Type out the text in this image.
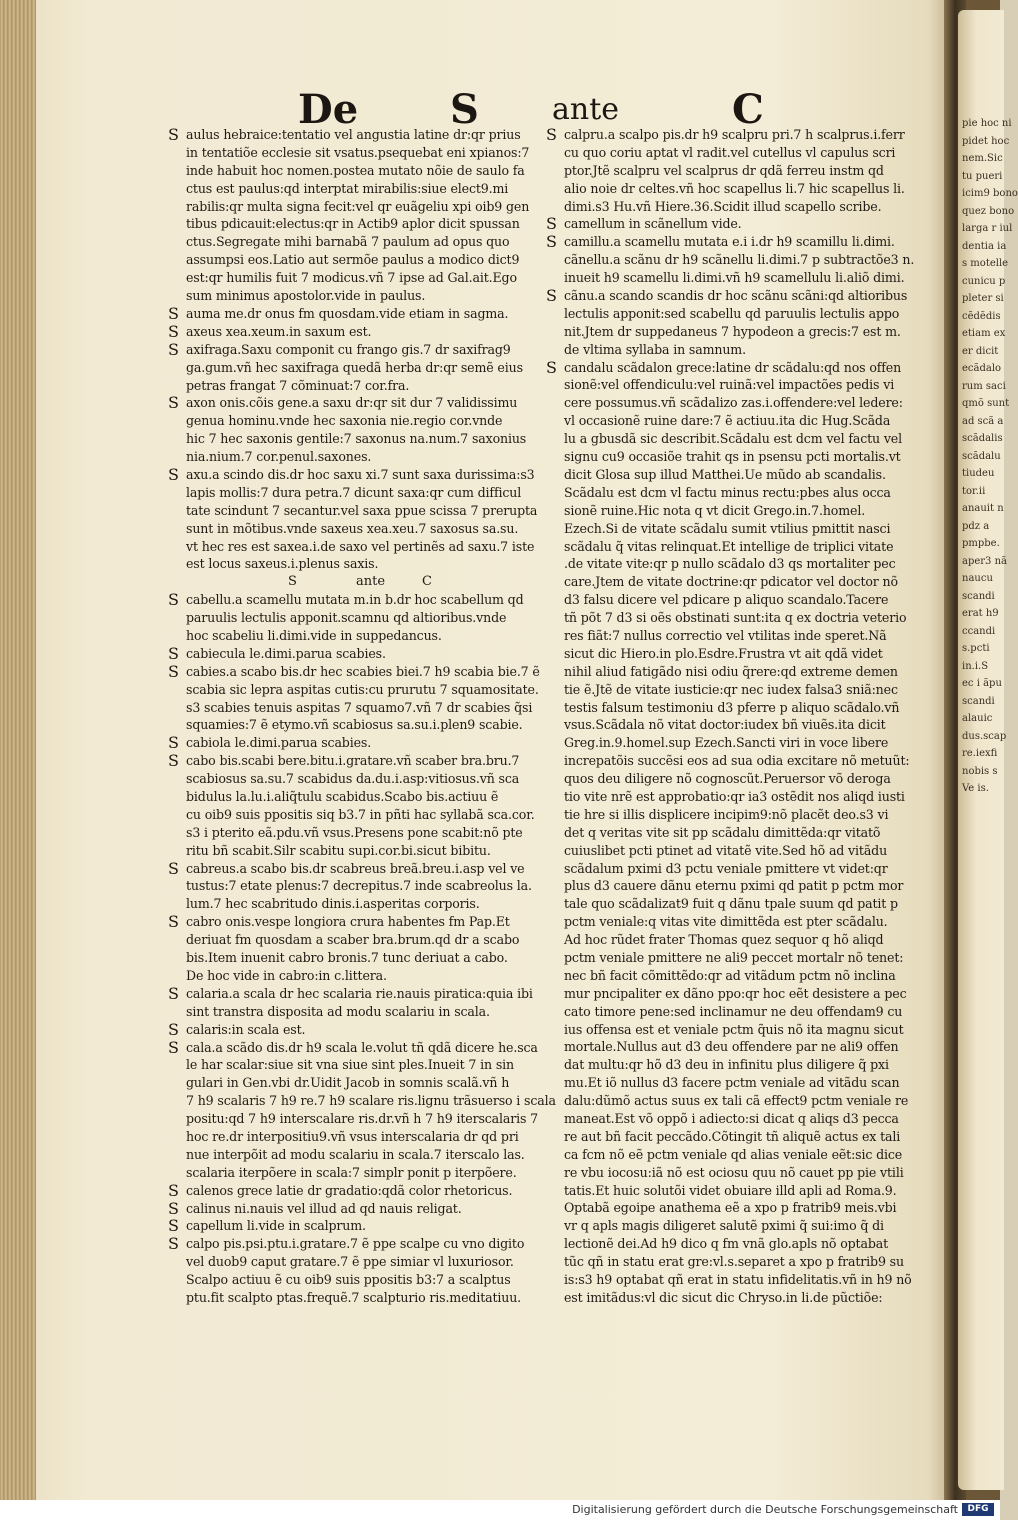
pie hoc ni
pidet hoc
nem.Sic
tu pueri
icim9 bono
quez bono
larga r iul
dentia ia
s motelle
cunicu p
pleter si
cẽdẽdis
etiam ex
er dicit
ecãdalo
rum saci
qmõ sunt
ad scã a
scãdalis
scãdalu
tiudeu
tor.ii
anauit n
pdz a
pmpbe.
aper3 nã
naucu
scandi
erat h9
ccandi
s.pcti
in.i.S
ec i ãpu
scandi
alauic
dus.scap
re.iexfi
nobis s
Ve is.
De S ante	C
S aulus hebraice:tentatio vel angustia latine dr:qr prius
in tentatiõe ecclesie sit vsatus.psequebat eni xpianos:7
inde habuit hoc nomen.postea mutato nõie de saulo fa
ctus est paulus:qd interptat mirabilis:siue elect9.mi
rabilis:qr multa signa fecit:vel qr euãgeliu xpi oib9 gen
tibus pdicauit:electus:qr in Actib9 aplor dicit spussan
ctus.Segregate mihi barnabã 7 paulum ad opus quo
assumpsi eos.Latio aut sermõe paulus a modico dict9
est:qr humilis fuit 7 modicus.vñ 7 ipse ad Gal.ait.Ego
sum minimus apostolor.vide in paulus.
S auma me.dr onus fm quosdam.vide etiam in sagma.
S axeus xea.xeum.in saxum est.
S axifraga.Saxu componit cu frango gis.7 dr saxifrag9
ga.gum.vñ hec saxifraga quedã herba dr:qr semẽ eius
petras frangat 7 cõminuat:7 cor.fra.
S axon onis.cõis gene.a saxu dr:qr sit dur 7 validissimu
genua hominu.vnde hec saxonia nie.regio cor.vnde
hic 7 hec saxonis gentile:7 saxonus na.num.7 saxonius
nia.nium.7 cor.penul.saxones.
S axu.a scindo dis.dr hoc saxu xi.7 sunt saxa durissima:s3
lapis mollis:7 dura petra.7 dicunt saxa:qr cum difficul
tate scindunt 7 secantur.vel saxa ppue scissa 7 prerupta
sunt in mõtibus.vnde saxeus xea.xeu.7 saxosus sa.su.
vt hec res est saxea.i.de saxo vel pertinẽs ad saxu.7 iste
est locus saxeus.i.plenus saxis.
S	ante	C
S cabellu.a scamellu mutata m.in b.dr hoc scabellum qd
paruulis lectulis apponit.scamnu qd altioribus.vnde
hoc scabeliu li.dimi.vide in suppedancus.
S cabiecula le.dimi.parua scabies.
S cabies.a scabo bis.dr hec scabies biei.7 h9 scabia bie.7 ẽ
scabia sic lepra aspitas cutis:cu prurutu 7 squamositate.
s3 scabies tenuis aspitas 7 squamo7.vñ 7 dr scabies q̃si
squamies:7 ẽ etymo.vñ scabiosus sa.su.i.plen9 scabie.
S cabiola le.dimi.parua scabies.
S cabo bis.scabi bere.bitu.i.gratare.vñ scaber bra.bru.7
scabiosus sa.su.7 scabidus da.du.i.asp:vitiosus.vñ sca
bidulus la.lu.i.aliq̃tulu scabidus.Scabo bis.actiuu ẽ
cu oib9 suis ppositis siq b3.7 in pñti hac syllabã sca.cor.
s3 i pterito eã.pdu.vñ vsus.Presens pone scabit:nõ pte
ritu bñ scabit.Silr scabitu supi.cor.bi.sicut bibitu.
S cabreus.a scabo bis.dr scabreus breã.breu.i.asp vel ve
tustus:7 etate plenus:7 decrepitus.7 inde scabreolus la.
lum.7 hec scabritudo dinis.i.asperitas corporis.
S cabro onis.vespe longiora crura habentes fm Pap.Et
deriuat fm quosdam a scaber bra.brum.qd dr a scabo
bis.Item inuenit cabro bronis.7 tunc deriuat a cabo.
De hoc vide in cabro:in c.littera.
S calaria.a scala dr hec scalaria rie.nauis piratica:quia ibi
sint transtra disposita ad modu scalariu in scala.
S calaris:in scala est.
S cala.a scãdo dis.dr h9 scala le.volut tñ qdã dicere he.sca
le har scalar:siue sit vna siue sint ples.Inueit 7 in sin
gulari in Gen.vbi dr.Uidit Jacob in somnis scalã.vñ h
7 h9 scalaris 7 h9 re.7 h9 scalare ris.lignu trãsuerso i scala
positu:qd 7 h9 interscalare ris.dr.vñ h 7 h9 iterscalaris 7
hoc re.dr interpositiu9.vñ vsus interscalaria dr qd pri
nue interpõit ad modu scalariu in scala.7 iterscalo las.
scalaria iterpõere in scala:7 simplr ponit p iterpõere.
S calenos grece latie dr gradatio:qdã color rhetoricus.
S calinus ni.nauis vel illud ad qd nauis religat.
S capellum li.vide in scalprum.
S calpo pis.psi.ptu.i.gratare.7 ẽ ppe scalpe cu vno digito
vel duob9 caput gratare.7 ẽ ppe simiar vl luxuriosor.
Scalpo actiuu ẽ cu oib9 suis ppositis b3:7 a scalptus
ptu.fit scalpto ptas.frequẽ.7 scalpturio ris.meditatiuu.
S calpru.a scalpo pis.dr h9 scalpru pri.7 h scalprus.i.ferr
cu quo coriu aptat vl radit.vel cutellus vl capulus scri
ptor.Jtẽ scalpru vel scalprus dr qdã ferreu instm qd
alio noie dr celtes.vñ hoc scapellus li.7 hic scapellus li.
dimi.s3 Hu.vñ Hiere.36.Scidit illud scapello scribe.
S camellum in scãnellum vide.
S camillu.a scamellu mutata e.i i.dr h9 scamillu li.dimi.
cãnellu.a scãnu dr h9 scãnellu li.dimi.7 p subtractõe3 n.
inueit h9 scamellu li.dimi.vñ h9 scamellulu li.aliõ dimi.
S cãnu.a scando scandis dr hoc scãnu scãni:qd altioribus
lectulis apponit:sed scabellu qd paruulis lectulis appo
nit.Jtem dr suppedaneus 7 hypodeon a grecis:7 est m.
de vltima syllaba in samnum.
S candalu scãdalon grece:latine dr scãdalu:qd nos offen
sionẽ:vel offendiculu:vel ruinã:vel impactões pedis vi
cere possumus.vñ scãdalizo zas.i.offendere:vel ledere:
vl occasionẽ ruine dare:7 ẽ actiuu.ita dic Hug.Scãda
lu a gbusdã sic describit.Scãdalu est dcm vel factu vel
signu cu9 occasiõe trahit qs in psensu pcti mortalis.vt
dicit Glosa sup illud Matthei.Ue mũdo ab scandalis.
Scãdalu est dcm vl factu minus rectu:pbes alus occa
sionẽ ruine.Hic nota q vt dicit Grego.in.7.homel.
Ezech.Si de vitate scãdalu sumit vtilius pmittit nasci
scãdalu q̃ vitas relinquat.Et intellige de triplici vitate
.de vitate vite:qr p nullo scãdalo d3 qs mortaliter pec
care.Jtem de vitate doctrine:qr pdicator vel doctor nõ
d3 falsu dicere vel pdicare p aliquo scandalo.Tacere
tñ põt 7 d3 si oẽs obstinati sunt:ita q ex doctria veterio
res fiãt:7 nullus correctio vel vtilitas inde speret.Nã
sicut dic Hiero.in plo.Esdre.Frustra vt ait qdã videt
nihil aliud fatigãdo nisi odiu q̃rere:qd extreme demen
tie ẽ.Jtẽ de vitate iusticie:qr nec iudex falsa3 sniã:nec
testis falsum testimoniu d3 pferre p aliquo scãdalo.vñ
vsus.Scãdala nõ vitat doctor:iudex bñ viuẽs.ita dicit
Greg.in.9.homel.sup Ezech.Sancti viri in voce libere
increpatõis succẽsi eos ad sua odia excitare nõ metuũt:
quos deu diligere nõ cognoscũt.Peruersor võ deroga
tio vite nrẽ est approbatio:qr ia3 ostẽdit nos aliqd iusti
tie hre si illis displicere incipim9:nõ placẽt deo.s3 vi
det q veritas vite sit pp scãdalu dimittẽda:qr vitatõ
cuiuslibet pcti ptinet ad vitatẽ vite.Sed hõ ad vitãdu
scãdalum pximi d3 pctu veniale pmittere vt videt:qr
plus d3 cauere dãnu eternu pximi qd patit p pctm mor
tale quo scãdalizat9 fuit q dãnu tpale suum qd patit p
pctm veniale:q vitas vite dimittẽda est pter scãdalu.
Ad hoc rũdet frater Thomas quez sequor q hõ aliqd
pctm veniale pmittere ne ali9 peccet mortalr nõ tenet:
nec bñ facit cõmittẽdo:qr ad vitãdum pctm nõ inclina
mur pncipaliter ex dãno ppo:qr hoc eẽt desistere a pec
cato timore pene:sed inclinamur ne deu offendam9 cu
ius offensa est et veniale pctm q̃uis nõ ita magnu sicut
mortale.Nullus aut d3 deu offendere par ne ali9 offen
dat multu:qr hõ d3 deu in infinitu plus diligere q̃ pxi
mu.Et iõ nullus d3 facere pctm veniale ad vitãdu scan
dalu:dũmõ actus suus ex tali cã effect9 pctm veniale re
maneat.Est võ oppõ i adiecto:si dicat q aliqs d3 pecca
re aut bñ facit peccãdo.Cõtingit tñ aliquẽ actus ex tali
ca fcm nõ eẽ pctm veniale qd alias veniale eẽt:sic dice
re vbu iocosu:iã nõ est ociosu quu nõ cauet pp pie vtili
tatis.Et huic solutõi videt obuiare illd apli ad Roma.9.
Optabã egoipe anathema eẽ a xpo p fratrib9 meis.vbi
vr q apls magis diligeret salutẽ pximi q̃ sui:imo q̃ di
lectionẽ dei.Ad h9 dico q fm vnã glo.apls nõ optabat
tũc qñ in statu erat gre:vl.s.separet a xpo p fratrib9 su
is:s3 h9 optabat qñ erat in statu infidelitatis.vñ in h9 nõ
est imitãdus:vl dic sicut dic Chryso.in li.de pũctiõe:
Digitalisierung gefördert durch die Deutsche Forschungsgemeinschaft	DFG
